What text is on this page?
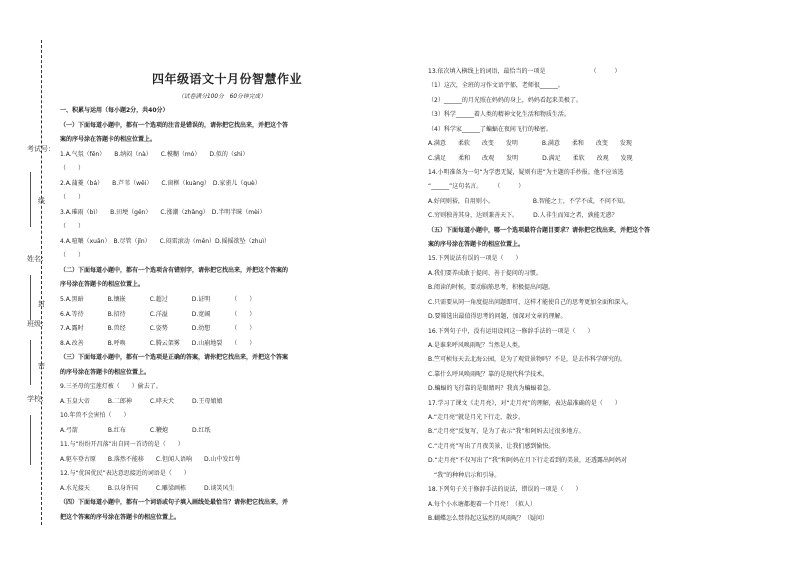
考试号：
线
姓名：
封
班级：
密
学校：
四年级语文十月份智慧作业
（试卷满分100分　60分钟完成）
一、积累与运用（每小题2分，共40分）
（一）下面每道小题中，都有一个选项的注音是错误的，请你把它找出来，并把这个答
案的序号涂在答题卡的相应位置上。
1.A.气氛（fēn）　　B.纳闷（nà）　　C.模糊（mó）　　D.似的（shì）
（　　）
2.A.蒲菱（bá）　　B.芦苇（wěi）　　C.窗框（kuàng）　D.家雀儿（què）
（　　）
3.A.璀雨（bì）　　B.田埂（gěn）　　C.涨潮（zhǎng）　D.半明半昧（mèi）
（　　）
4.A.喧嚷（xuān）　B.尽管（jǐn）　　C.闷雷滚动（mēn）D.摇摇欲坠（zhuì）
（　　）
（二）下面每道小题中，都有一个选项含有错别字，请你把它找出来，并把这个答案的
序号涂在答题卡的相应位置上。
5.A.黑暗　　　　B.镶嵌　　　　C.超过　　　　D.证明　　　　（　　）
6.A.等待　　　　B.招待　　　　C.洋溢　　　　D.宽阔　　　　（　　）
7.A.露时　　　　B.兽经　　　　C.姿势　　　　D.幼想　　　　（　　）
8.A.改善　　　　B.呼唤　　　　C.腾云架雾　　D.山崩地裂　　（　　）
（三）下面每道小题中，都有一个选项是正确的答案，请你把它找出来，并把这个答案
的序号涂在答题卡的相应位置上。
9.三圣母的宝莲灯被（　　）偷去了。
A.玉皇大帝　　　B.二郎神　　　C.哮天犬　　　D.王母娘娘
10.年兽不会害怕（　　）
A.弓箭　　　　　B.红布　　　　C.鞭炮　　　　D.红纸
11.与“纷纷开昌落”出自同一首诗的是（　　）
A.驱车登古原　　B.落然不能移　　C.但闻人语响　　D.山中发红萼
12.与“优国优民”表达意思接近的词语是（　　）
A.水光接天　　　B.以身许国　　　C.雕梁画栋　　　D.谈笑风生
（四）下面每道小题中，都有一个词语或句子填入画线处最恰当？请你把它找出来，并
把这个答案的序号涂在答题卡的相应位置上。
13.依次填入横线上的词语，最恰当的一项是　　　　　　　　（　　　）
（1）这次，全班的习作文语宇郁，老师很______。
（2）______的月光照在妈妈的身上，妈妈看起来美极了。
（3）科学______着人类的精神文化生活和物质生活。
（4）科学家______了蝙蝠在夜间飞行的秘密。
A.满意　　柔软　　改变　　发明　　　　B.满意　　柔和　　改变　　发现
C.满足　　柔和　　改观　　发明　　　　D.满足　　柔软　　改观　　发现
14.小明准备为一句“为学患无疑，疑则有进”为主题的手抄报。他不应该选
“______”这句名言。　　　（　　　）
A.好问则裕，自用则小。　　　　　　　B.智能之士，不学不成，不问不知。
C.穷则独善其身，达则兼善天下。　　　D.人非生而知之者，孰能无惑？
（五）下面每道小题中，哪一个选项最符合题目要求？请你把它找出来，并把这个答
案的序号涂在答题卡的相应位置上。
15.下列说法有误的一项是（　　）
A.我们要养成敢于提问、善于提问的习惯。
B.阅读的时候，要动脑筋思考，积极提出问题。
C.只需要从同一角度提出问题即可，这样才能使自己的思考更加全面和深入。
D.要筛选出最值得思考的问题，加深对文章的理解。
16.下列句子中，没有运用设问这一修辞手法的一项是（　　）
A.是谁来呼风唤雨呢？当然是人类。
B.竺可桢每天去北海公园，是为了观赏景物吗？不是，是去作科学研究的。
C.靠什么呼风唤雨呢？靠的是现代科学技术。
D.蝙蝠的飞行靠的是眼睛吗？我真为蝙蝠着急。
17.学习了课文《走月亮》，对“走月亮”的理解，表达最准确的是（　　）
A.“走月亮”就是月光下行走，散步。
B.“走月亮”反复写，是为了表示“我”和阿妈去过很多地方。
C.“走月亮”写出了月夜美景，让我们感到愉快。
D.“走月亮”不仅写出了“我”和阿妈在月下行走看到的美景，还透露出阿妈对
　“我”的种种启示和引导。
18.下列句子关于修辞手法的说法，错误的一项是（　　）
A.每个小水塘都抱着一个月亮！（拟人）
B.蝴蝶怎么禁得起这猛烈的风雨呢？（疑问）
